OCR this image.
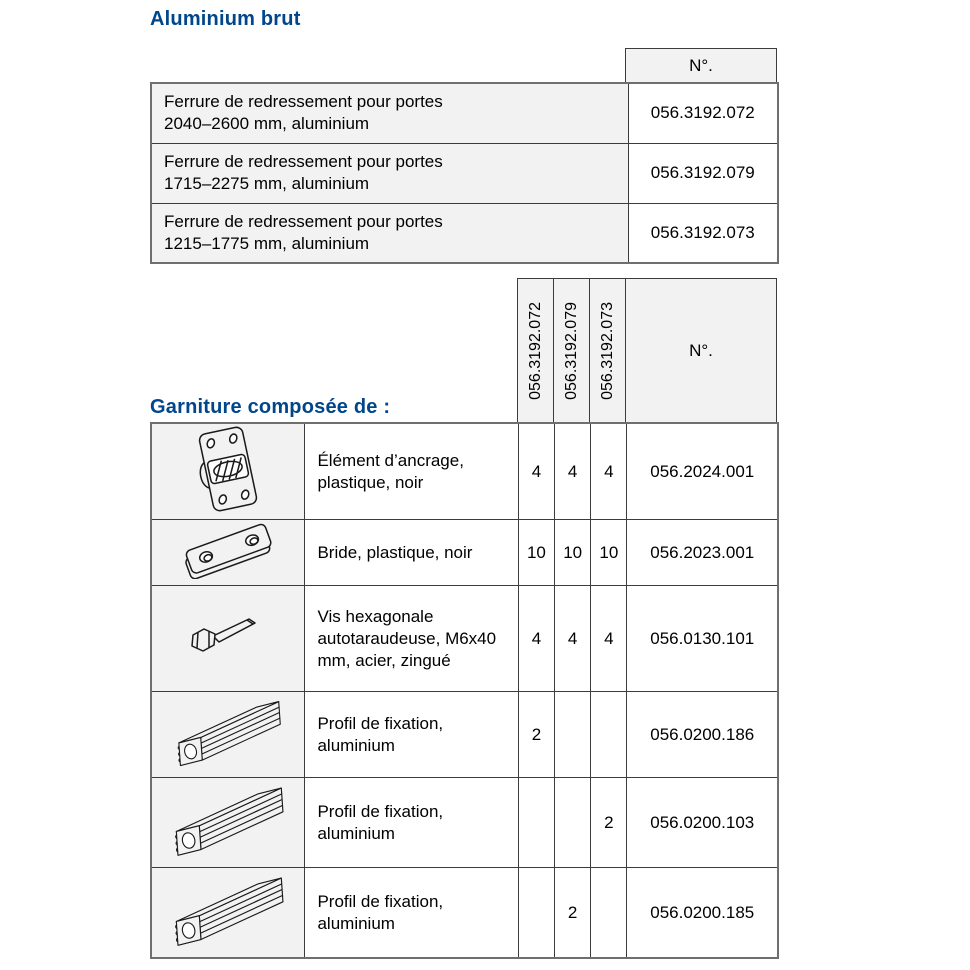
Aluminium brut
N°.
Ferrure de redressement pour portes
2040–2600 mm, aluminium	056.3192.072
Ferrure de redressement pour portes
1715–2275 mm, aluminium	056.3192.079
Ferrure de redressement pour portes
1215–1775 mm, aluminium	056.3192.073
Garniture composée de :
056.3192.072 056.3192.079 056.3192.073	N°.
	Élément d’ancrage, plastique, noir	4	4	4	056.2024.001
	Bride, plastique, noir	10	10	10	056.2023.001
	Vis hexagonale autotaraudeuse, M6x40 mm, acier, zingué	4	4	4	056.0130.101
	Profil de fixation, aluminium	2			056.0200.186
	Profil de fixation, aluminium			2	056.0200.103
	Profil de fixation, aluminium		2		056.0200.185
